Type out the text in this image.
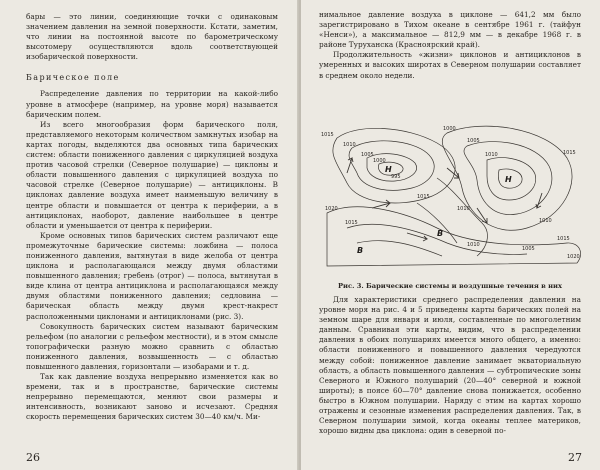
бары — это линии, соединяющие точки с одинаковым значением давления на земной поверхности. Кстати, заметим, что линии на постоянной высоте по барометрическому высотомеру осуществляются вдоль соответствующей изобарической поверхности.

Барическое поле

Распределение давления по территории на какой-либо уровне в атмосфере (например, на уровне моря) называется барическим полем.

Из всего многообразия форм барического поля, представляемого некоторым количеством замкнутых изобар на картах погоды, выделяются два основных типа барических систем: области пониженного давления с циркуляцией воздуха против часовой стрелки (Северное полушарие) — циклоны и области повышенного давления с циркуляцией воздуха по часовой стрелке (Северное полушарие) — антициклоны. В циклонах давление воздуха имеет наименьшую величину в центре области и повышается от центра к периферии, а в антициклонах, наоборот, давление наибольшее в центре области и уменьшается от центра к периферии.

Кроме основных типов барических систем различают еще промежуточные барические системы: ложбина — полоса пониженного давления, вытянутая в виде желоба от центра циклона и располагающаяся между двумя областями повышенного давления; гребень (отрог) — полоса, вытянутая в виде клина от центра антициклона и располагающаяся между двумя областями пониженного давления; седловина — барическая область между двумя крест-накрест расположенными циклонами и антициклонами (рис. 3).

Совокупность барических систем называют барическим рельефом (по аналогии с рельефом местности), и в этом смысле топографически разную можно сравнить с областью пониженного давления, возвышенность — с областью повышенного давления, горизонтали — изобарами и т. д.

Так как давление воздуха непрерывно изменяется как во времени, так и в пространстве, барические системы непрерывно перемещаются, меняют свои размеры и интенсивность, возникают заново и исчезают. Средняя скорость перемещения барических систем 30—40 км/ч. Ми-

26

нимальное давление воздуха в циклоне — 641,2 мм было зарегистрировано в Тихом океане в сентябре 1961 г. (тайфун «Ненси»), а максимальное — 812,9 мм — в декабре 1968 г. в районе Туруханска (Красноярский край).

Продолжительность «жизни» циклонов и антициклонов в умеренных и высоких широтах в Северном полушарии составляет в среднем около недели.

Н
Н
В
В
1015
1010
1005
1000
995
1000
1005
1010	1015
1020
1015
1010
1005
1010
1015
1020
1015
1010

Рис. 3. Барические системы и воздушные течения в них

Для характеристики среднего распределения давления на уровне моря на рис. 4 и 5 приведены карты барических полей на земном шаре для января и июля, составленные по многолетним данным. Сравнивая эти карты, видим, что в распределении давления в обоих полушариях имеется много общего, а именно: области пониженного и повышенного давления чередуются между собой: пониженное давление занимает экваториальную область, а область повышенного давления — субтропические зоны Северного и Южного полушарий (20—40° северной и южной широты); в поясе 60—70° давление снова понижается, особенно быстро в Южном полушарии. Наряду с этим на картах хорошо отражены и сезонные изменения распределения давления. Так, в Северном полушарии зимой, когда океаны теплее материков, хорошо видны два циклона: один в северной по-

27
